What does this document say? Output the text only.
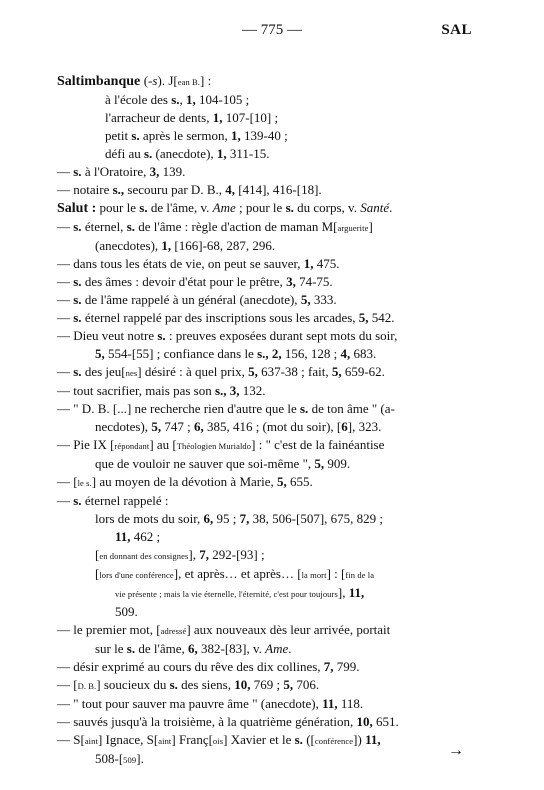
— 775 —	SAL
Saltimbanque (-s). J[ean B.] :
à l'école des s., 1, 104-105 ;
l'arracheur de dents, 1, 107-[10] ;
petit s. après le sermon, 1, 139-40 ;
défi au s. (anecdote), 1, 311-15.
— s. à l'Oratoire, 3, 139.
— notaire s., secouru par D. B., 4, [414], 416-[18].
Salut : pour le s. de l'âme, v. Ame ; pour le s. du corps, v. Santé.
— s. éternel, s. de l'âme : règle d'action de maman M[arguerite]
(anecdotes), 1, [166]-68, 287, 296.
— dans tous les états de vie, on peut se sauver, 1, 475.
— s. des âmes : devoir d'état pour le prêtre, 3, 74-75.
— s. de l'âme rappelé à un général (anecdote), 5, 333.
— s. éternel rappelé par des inscriptions sous les arcades, 5, 542.
— Dieu veut notre s. : preuves exposées durant sept mots du soir,
5, 554-[55] ; confiance dans le s., 2, 156, 128 ; 4, 683.
— s. des jeu[nes] désiré : à quel prix, 5, 637-38 ; fait, 5, 659-62.
— tout sacrifier, mais pas son s., 3, 132.
— " D. B. [...] ne recherche rien d'autre que le s. de ton âme " (a-
necdotes), 5, 747 ; 6, 385, 416 ; (mot du soir), [6], 323.
— Pie IX [répondant] au [Théologien Murialdo] : " c'est de la fainéantise
que de vouloir ne sauver que soi-même ", 5, 909.
— [le s.] au moyen de la dévotion à Marie, 5, 655.
— s. éternel rappelé :
lors de mots du soir, 6, 95 ; 7, 38, 506-[507], 675, 829 ;
11, 462 ;
[en donnant des consignes], 7, 292-[93] ;
[lors d'une conférence], et après… et après… [la mort] : [fin de la
vie présente ; mais la vie éternelle, l'éternité, c'est pour toujours], 11,
509.
— le premier mot, [adressé] aux nouveaux dès leur arrivée, portait
sur le s. de l'âme, 6, 382-[83], v. Ame.
— désir exprimé au cours du rêve des dix collines, 7, 799.
— [D. B.] soucieux du s. des siens, 10, 769 ; 5, 706.
— " tout pour sauver ma pauvre âme " (anecdote), 11, 118.
— sauvés jusqu'à la troisième, à la quatrième génération, 10, 651.
— S[aint] Ignace, S[aint] Franç[ois] Xavier et le s. ([conférence]) 11,
508-[509].	→
